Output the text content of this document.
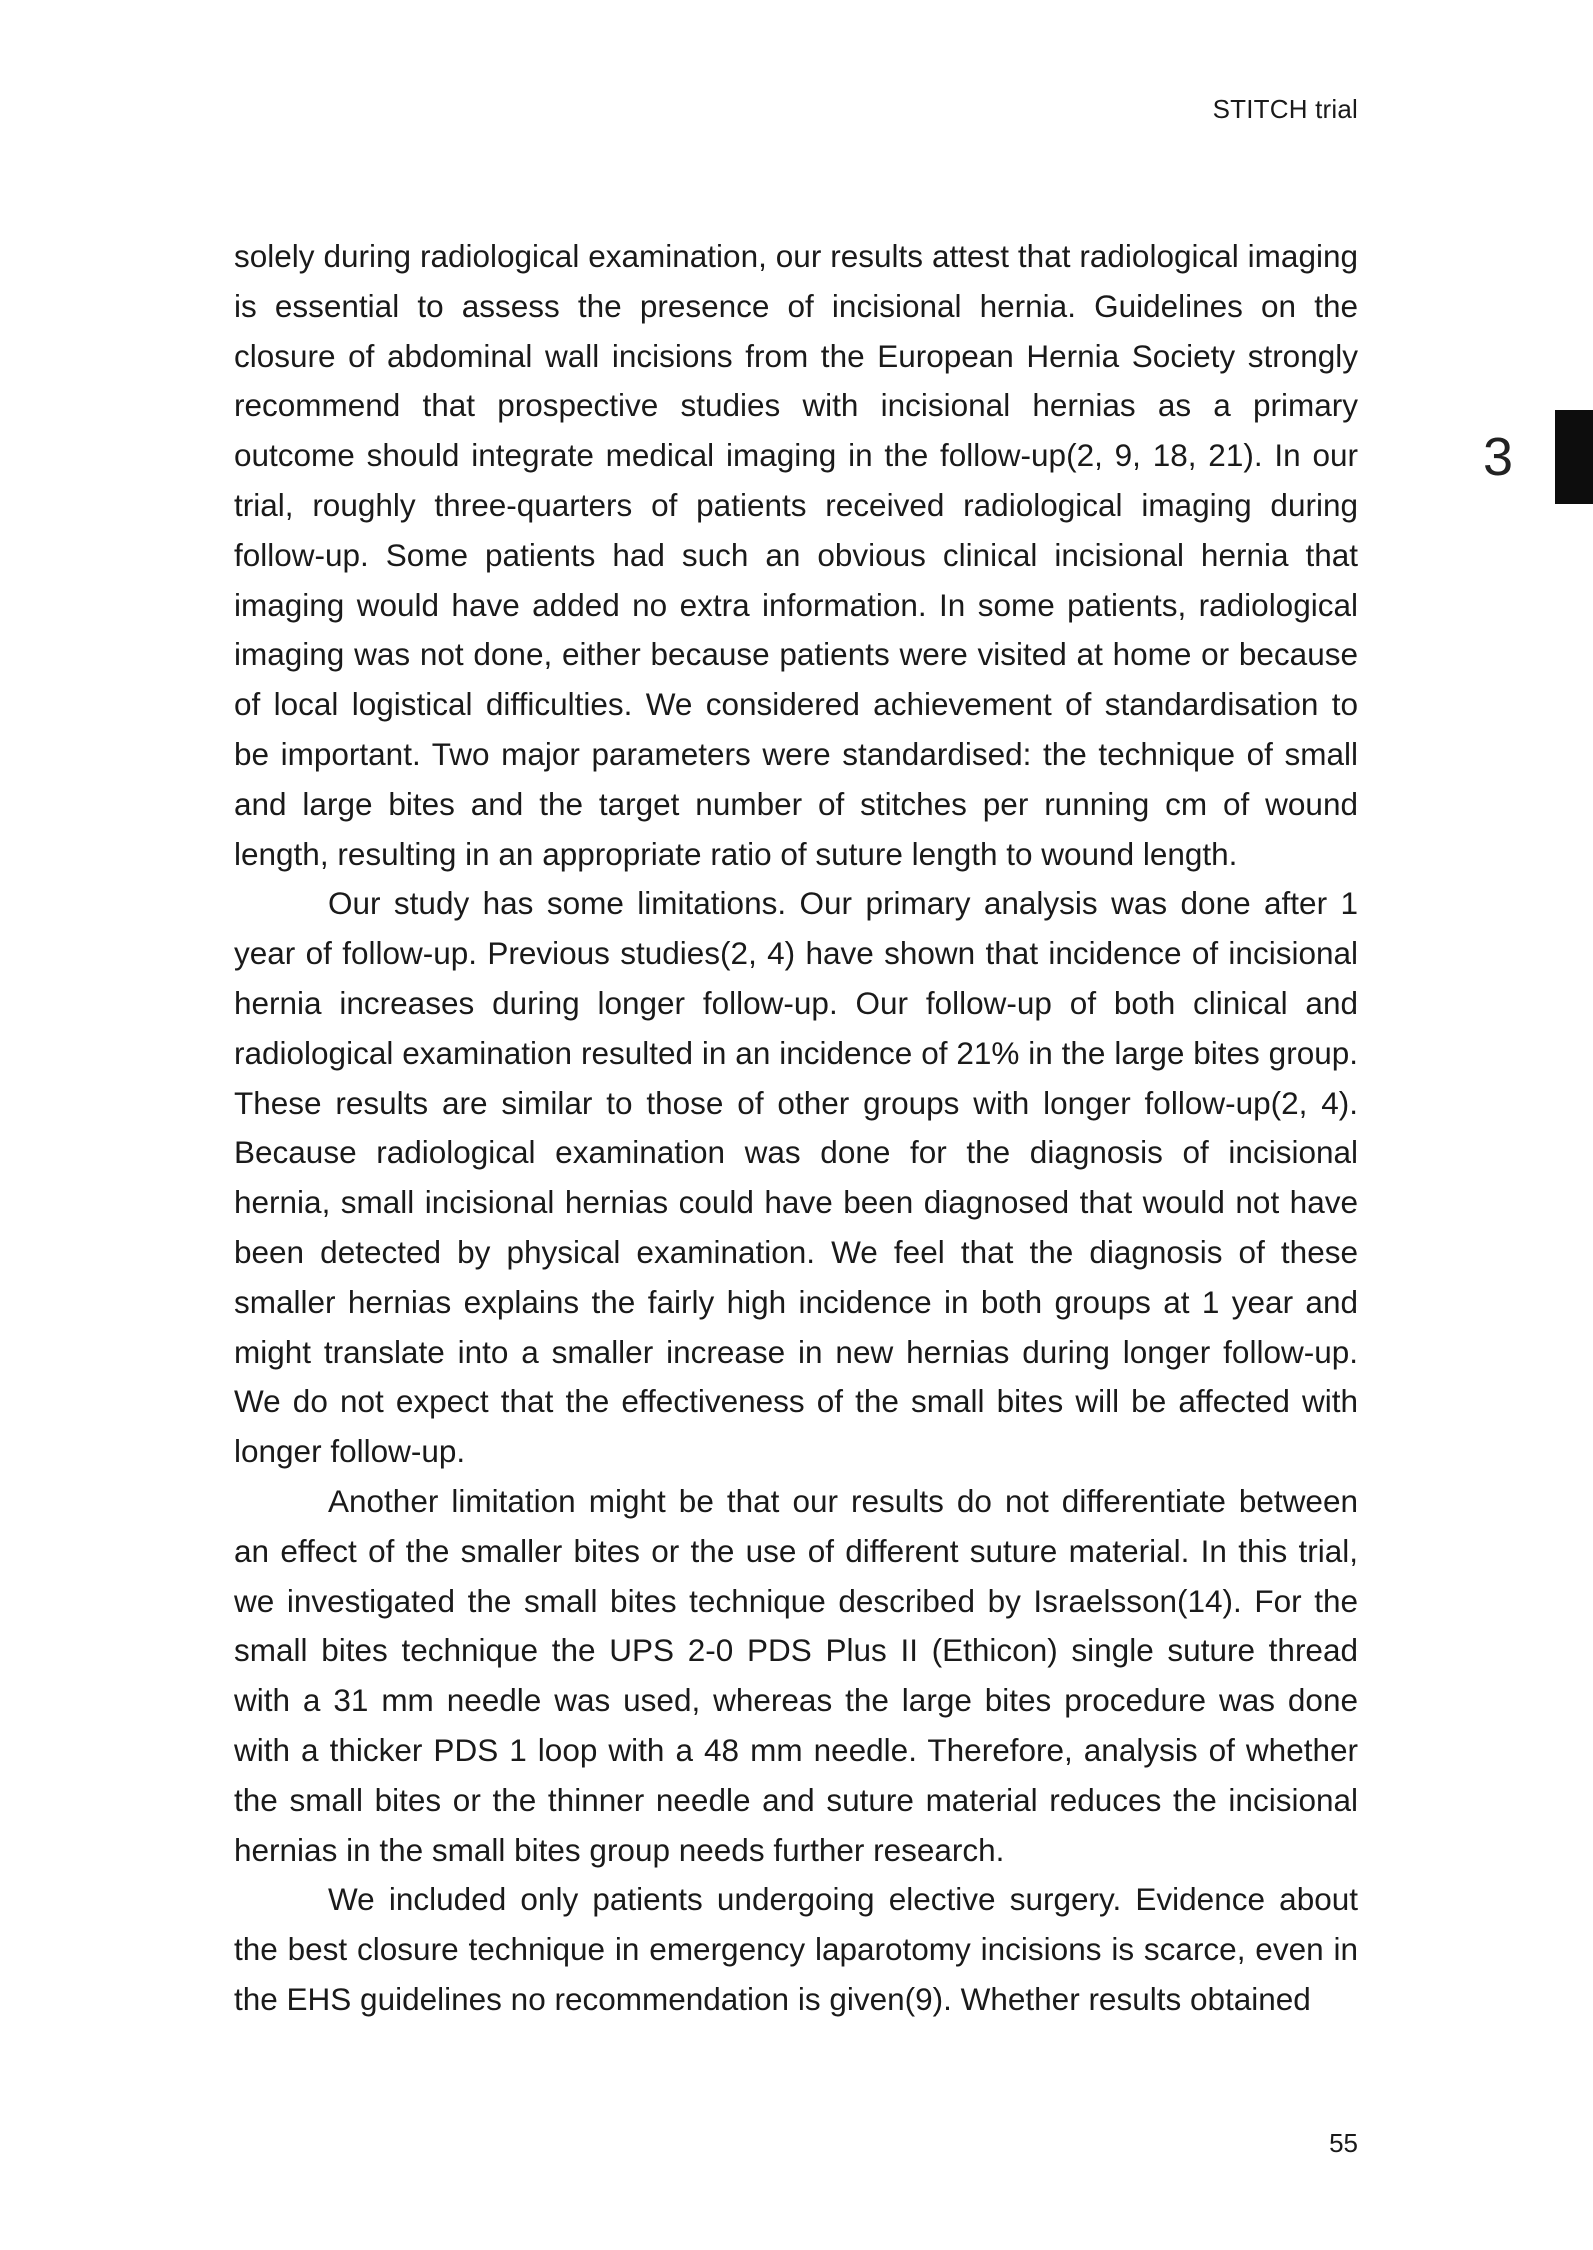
STITCH trial
3

solely during radiological examination, our results attest that radiological imaging is essential to assess the presence of incisional hernia. Guidelines on the closure of abdominal wall incisions from the European Hernia Society strongly recommend that prospective studies with incisional hernias as a primary outcome should integrate medical imaging in the follow-up(2, 9, 18, 21). In our trial, roughly three-quarters of patients received radiological imaging during follow-up. Some patients had such an obvious clinical incisional hernia that imaging would have added no extra information. In some patients, radiological imaging was not done, either because patients were visited at home or because of local logistical difficulties. We considered achievement of standardisation to be important. Two major parameters were standardised: the technique of small and large bites and the target number of stitches per running cm of wound length, resulting in an appropriate ratio of suture length to wound length.

Our study has some limitations. Our primary analysis was done after 1 year of follow-up. Previous studies(2, 4) have shown that incidence of incisional hernia increases during longer follow-up. Our follow-up of both clinical and radiological examination resulted in an incidence of 21% in the large bites group. These results are similar to those of other groups with longer follow-up(2, 4). Because radiological examination was done for the diagnosis of incisional hernia, small incisional hernias could have been diagnosed that would not have been detected by physical examination. We feel that the diagnosis of these smaller hernias explains the fairly high incidence in both groups at 1 year and might translate into a smaller increase in new hernias during longer follow-up. We do not expect that the effectiveness of the small bites will be affected with longer follow-up.

Another limitation might be that our results do not differentiate between an effect of the smaller bites or the use of different suture material. In this trial, we investigated the small bites technique described by Israelsson(14). For the small bites technique the UPS 2-0 PDS Plus II (Ethicon) single suture thread with a 31 mm needle was used, whereas the large bites procedure was done with a thicker PDS 1 loop with a 48 mm needle. Therefore, analysis of whether the small bites or the thinner needle and suture material reduces the incisional hernias in the small bites group needs further research.

We included only patients undergoing elective surgery. Evidence about the best closure technique in emergency laparotomy incisions is scarce, even in the EHS guidelines no recommendation is given(9). Whether results obtained

55
